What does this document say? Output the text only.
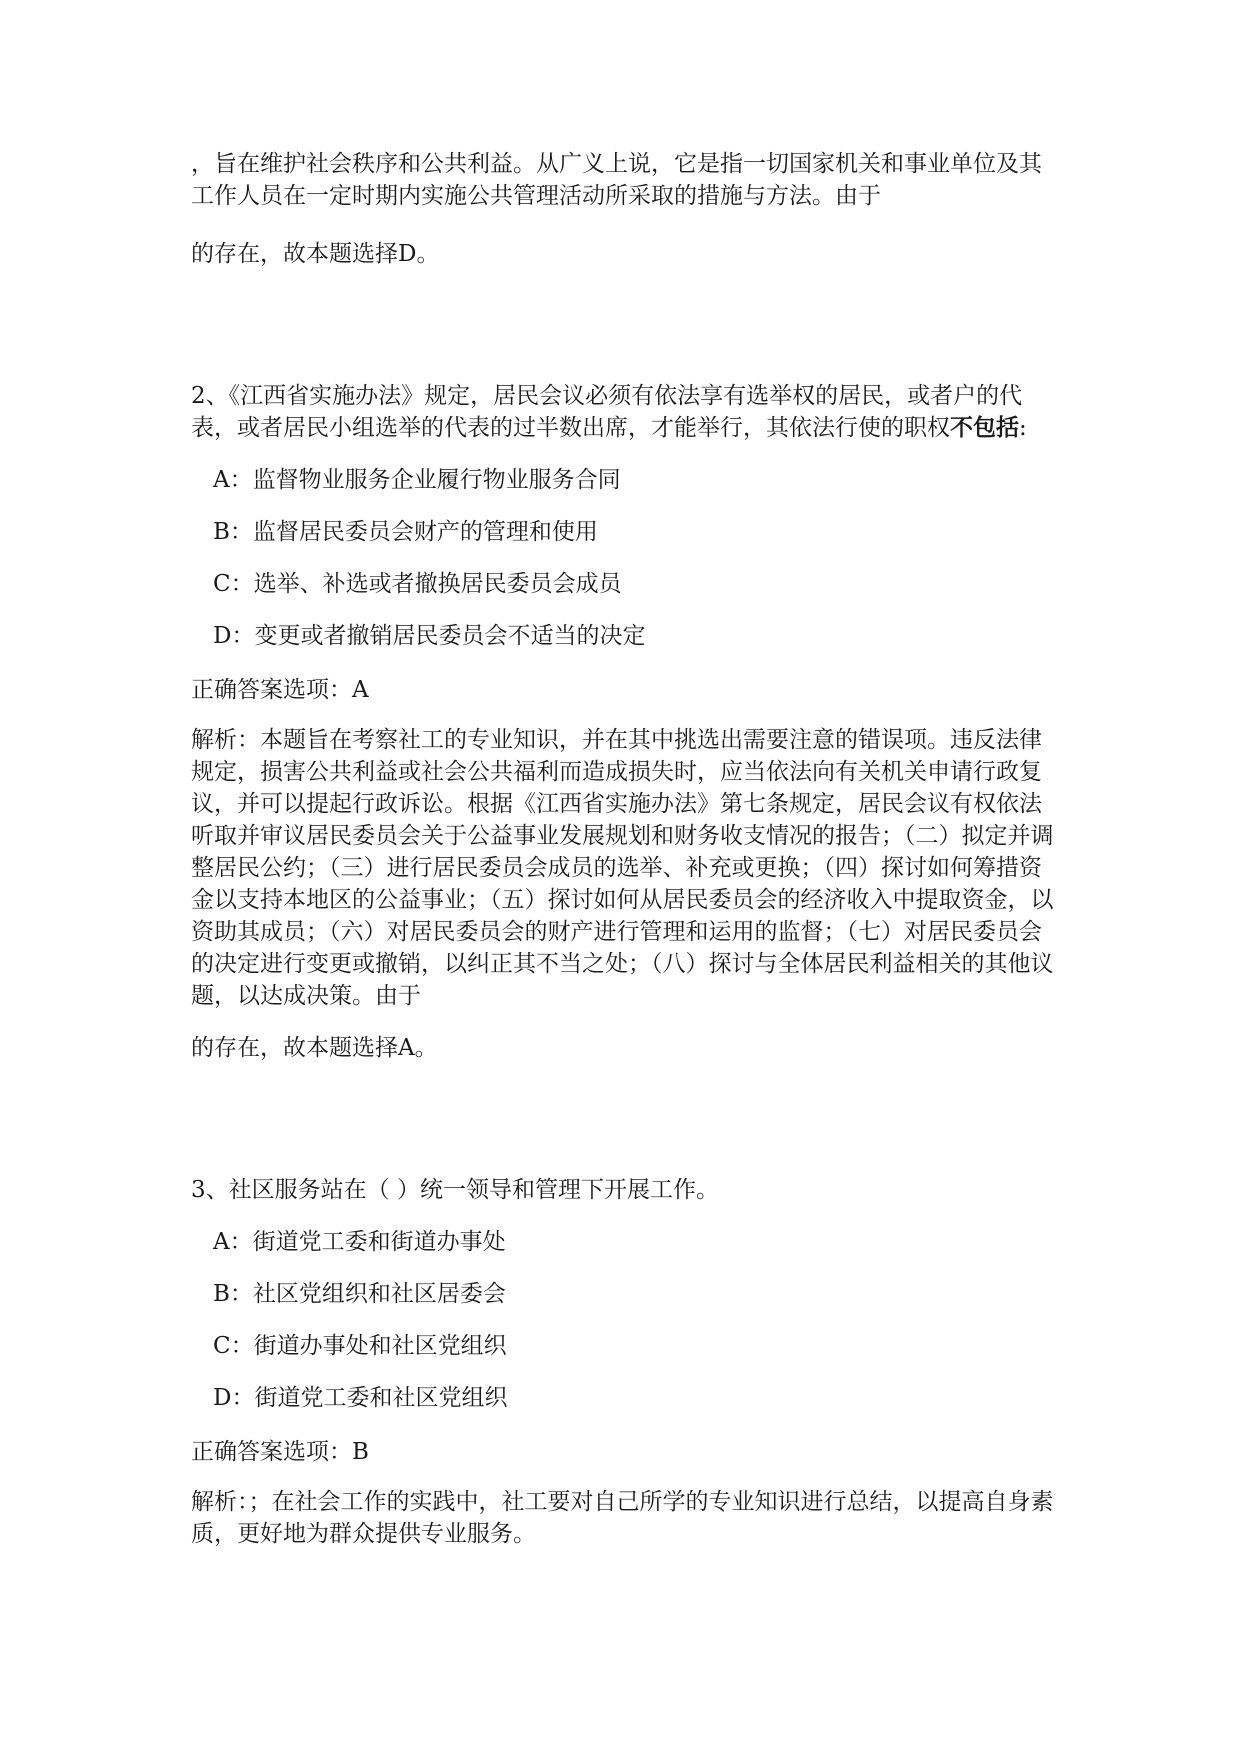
，旨在维护社会秩序和公共利益。从广义上说，它是指一切国家机关和事业单位及其工作人员在一定时期内实施公共管理活动所采取的措施与方法。由于

的存在，故本题选择D。

2、《江西省实施办法》规定，居民会议必须有依法享有选举权的居民，或者户的代表，或者居民小组选举的代表的过半数出席，才能举行，其依法行使的职权不包括:

A：监督物业服务企业履行物业服务合同
B：监督居民委员会财产的管理和使用
C：选举、补选或者撤换居民委员会成员
D：变更或者撤销居民委员会不适当的决定
正确答案选项：A

解析：本题旨在考察社工的专业知识，并在其中挑选出需要注意的错误项。违反法律规定，损害公共利益或社会公共福利而造成损失时，应当依法向有关机关申请行政复议，并可以提起行政诉讼。根据《江西省实施办法》第七条规定，居民会议有权依法听取并审议居民委员会关于公益事业发展规划和财务收支情况的报告；（二）拟定并调整居民公约；（三）进行居民委员会成员的选举、补充或更换；（四）探讨如何筹措资金以支持本地区的公益事业；（五）探讨如何从居民委员会的经济收入中提取资金，以资助其成员；（六）对居民委员会的财产进行管理和运用的监督；（七）对居民委员会的决定进行变更或撤销，以纠正其不当之处；（八）探讨与全体居民利益相关的其他议题，以达成决策。由于

的存在，故本题选择A。

3、社区服务站在（ ）统一领导和管理下开展工作。

A：街道党工委和街道办事处
B：社区党组织和社区居委会
C：街道办事处和社区党组织
D：街道党工委和社区党组织
正确答案选项：B

解析：；在社会工作的实践中，社工要对自己所学的专业知识进行总结，以提高自身素质，更好地为群众提供专业服务。
